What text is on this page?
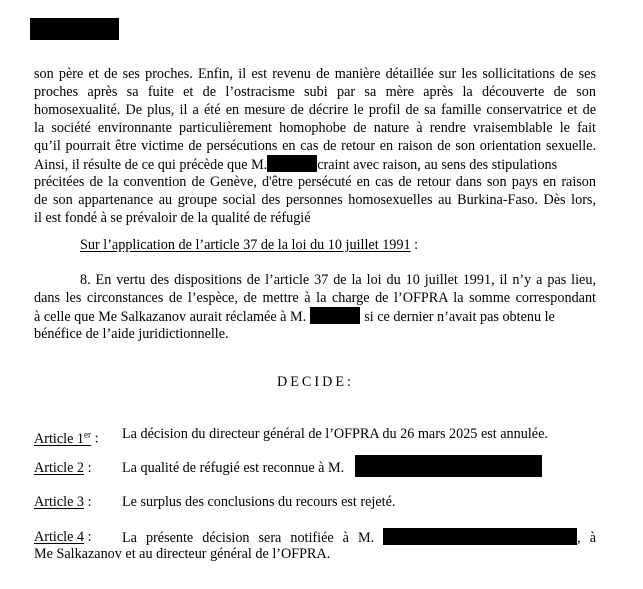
son père et de ses proches. Enfin, il est revenu de manière détaillée sur les sollicitations de ses
proches après sa fuite et de l’ostracisme subi par sa mère après la découverte de son
homosexualité. De plus, il a été en mesure de décrire le profil de sa famille conservatrice et de
la société environnante particulièrement homophobe de nature à rendre vraisemblable le fait
qu’il pourrait être victime de persécutions en cas de retour en raison de son orientation sexuelle.
Ainsi, il résulte de ce qui précède que M.	craint avec raison, au sens des stipulations
précitées de la convention de Genève, d'être persécuté en cas de retour dans son pays en raison
de son appartenance au groupe social des personnes homosexuelles au Burkina-Faso. Dès lors,
il est fondé à se prévaloir de la qualité de réfugié
Sur l’application de l’article 37 de la loi du 10 juillet 1991 :
8. En vertu des dispositions de l’article 37 de la loi du 10 juillet 1991, il n’y a pas lieu,
dans les circonstances de l’espèce, de mettre à la charge de l’OFPRA la somme correspondant
à celle que Me Salkazanov aurait réclamée à M.	si ce dernier n’avait pas obtenu le
bénéfice de l’aide juridictionnelle.
DECIDE:
Article 1er : La décision du directeur général de l’OFPRA du 26 mars 2025 est annulée.
Article 2 : La qualité de réfugié est reconnue à M.
Article 3 : Le surplus des conclusions du recours est rejeté.
Article 4 : La présente décision sera notifiée à M.	, à
Me Salkazanov et au directeur général de l’OFPRA.
